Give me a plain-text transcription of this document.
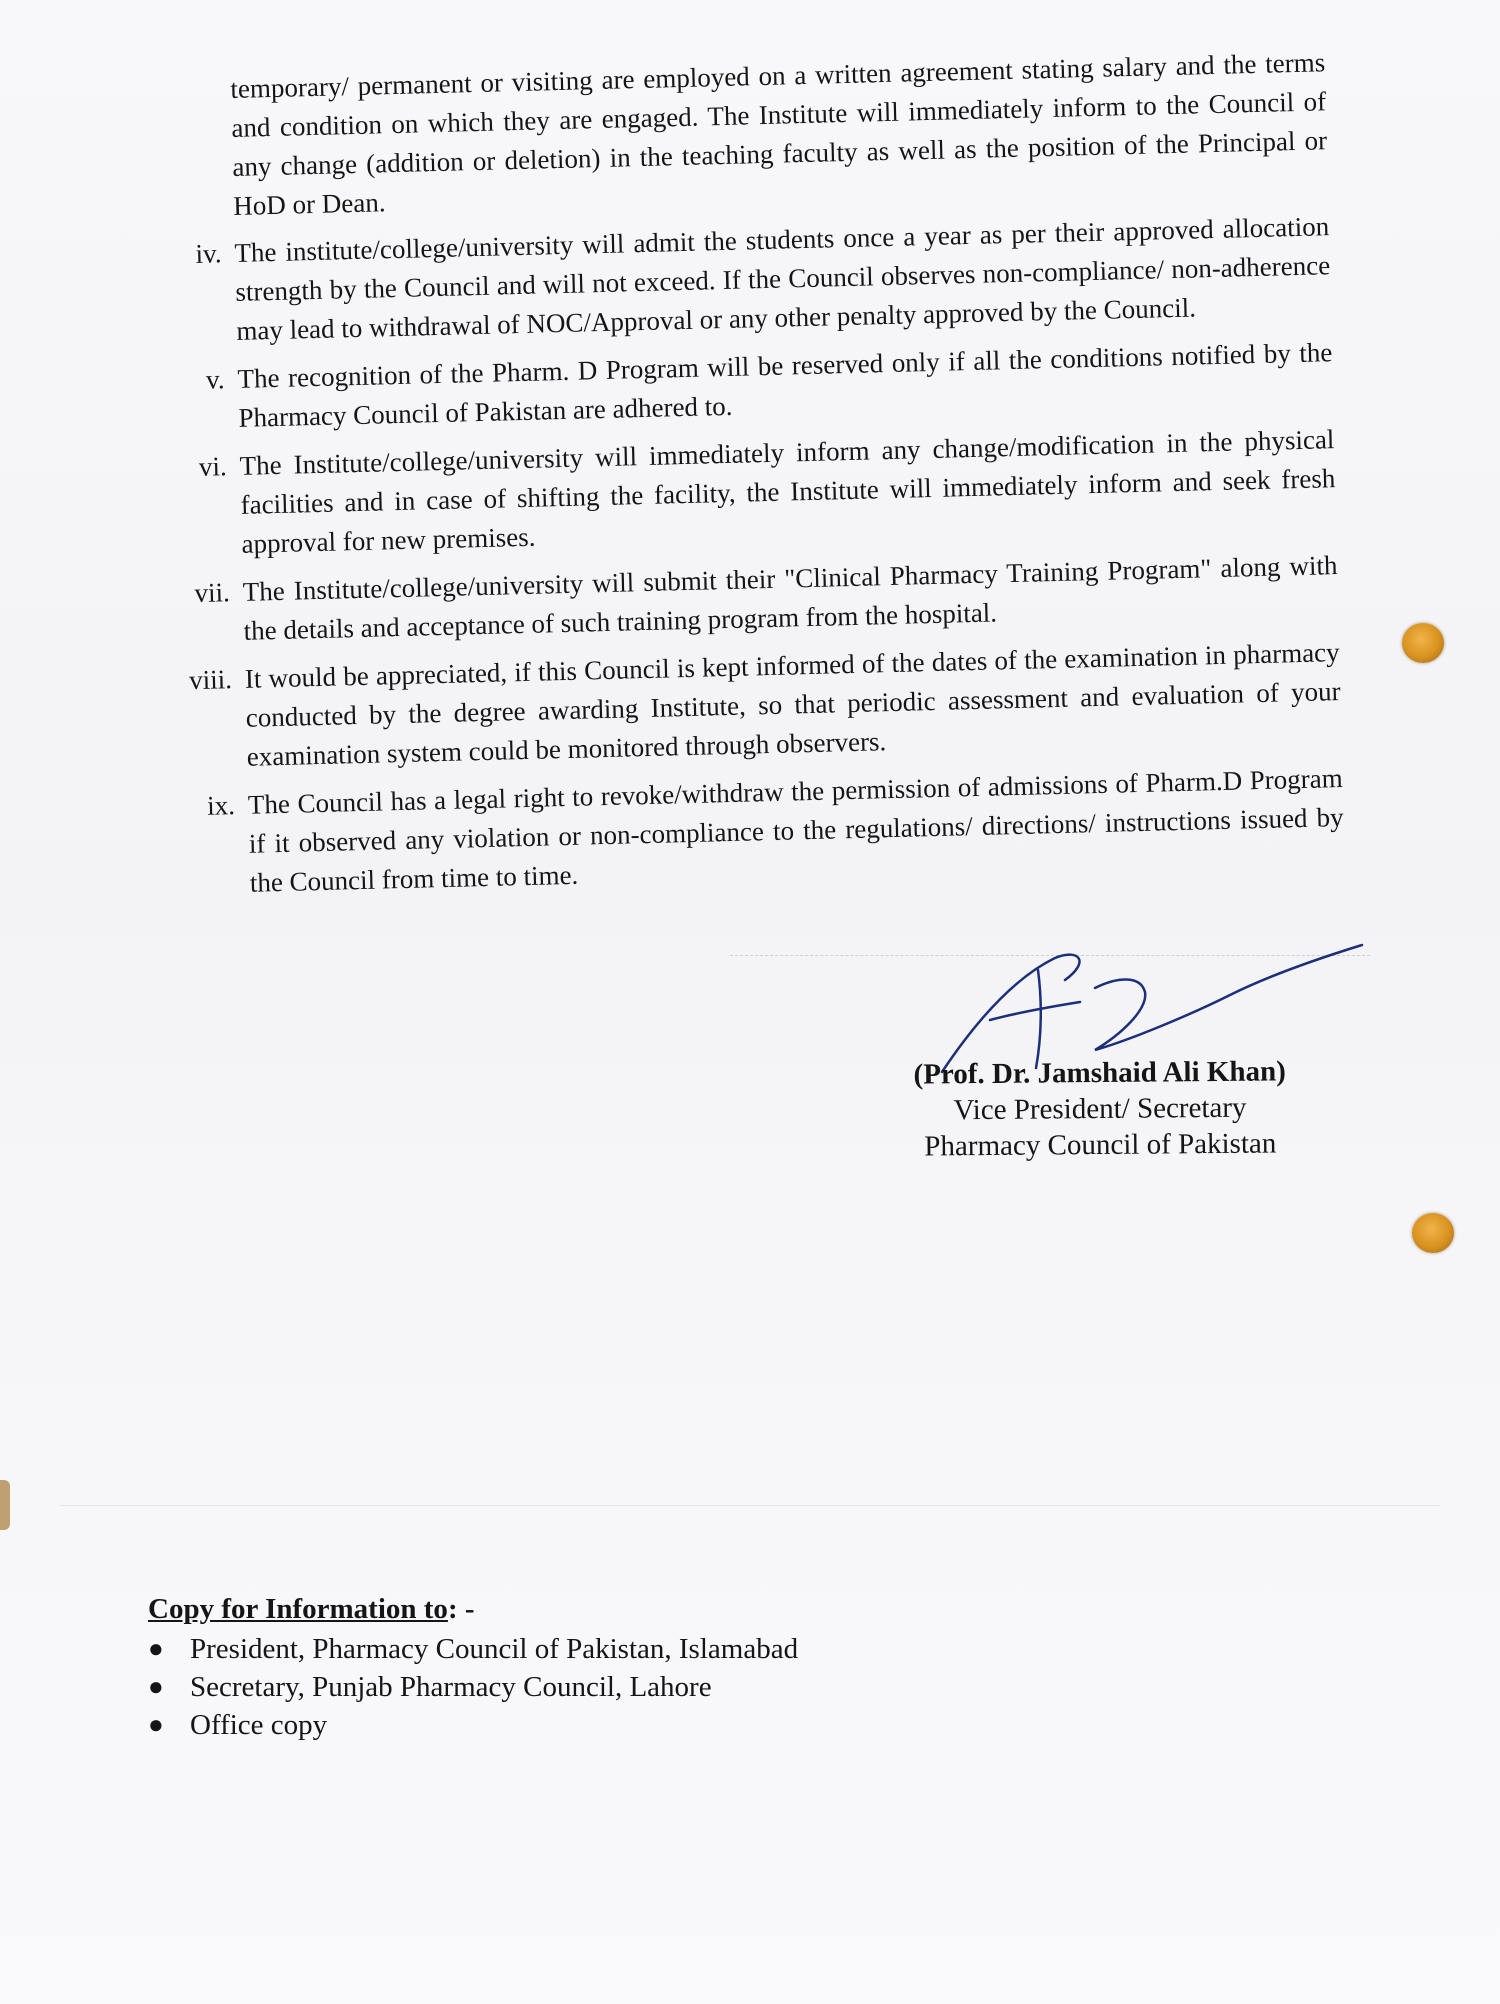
temporary/ permanent or visiting are employed on a written agreement stating salary and the terms and condition on which they are engaged. The Institute will immediately inform to the Council of any change (addition or deletion) in the teaching faculty as well as the position of the Principal or HoD or Dean.

iv. The institute/college/university will admit the students once a year as per their approved allocation strength by the Council and will not exceed. If the Council observes non-compliance/ non-adherence may lead to withdrawal of NOC/Approval or any other penalty approved by the Council.
v. The recognition of the Pharm. D Program will be reserved only if all the conditions notified by the Pharmacy Council of Pakistan are adhered to.
vi. The Institute/college/university will immediately inform any change/modification in the physical facilities and in case of shifting the facility, the Institute will immediately inform and seek fresh approval for new premises.
vii. The Institute/college/university will submit their "Clinical Pharmacy Training Program" along with the details and acceptance of such training program from the hospital.
viii. It would be appreciated, if this Council is kept informed of the dates of the examination in pharmacy conducted by the degree awarding Institute, so that periodic assessment and evaluation of your examination system could be monitored through observers.
ix. The Council has a legal right to revoke/withdraw the permission of admissions of Pharm.D Program if it observed any violation or non-compliance to the regulations/ directions/ instructions issued by the Council from time to time.
(Prof. Dr. Jamshaid Ali Khan)
Vice President/ Secretary
Pharmacy Council of Pakistan
Copy for Information to: -
● President, Pharmacy Council of Pakistan, Islamabad
● Secretary, Punjab Pharmacy Council, Lahore
● Office copy
